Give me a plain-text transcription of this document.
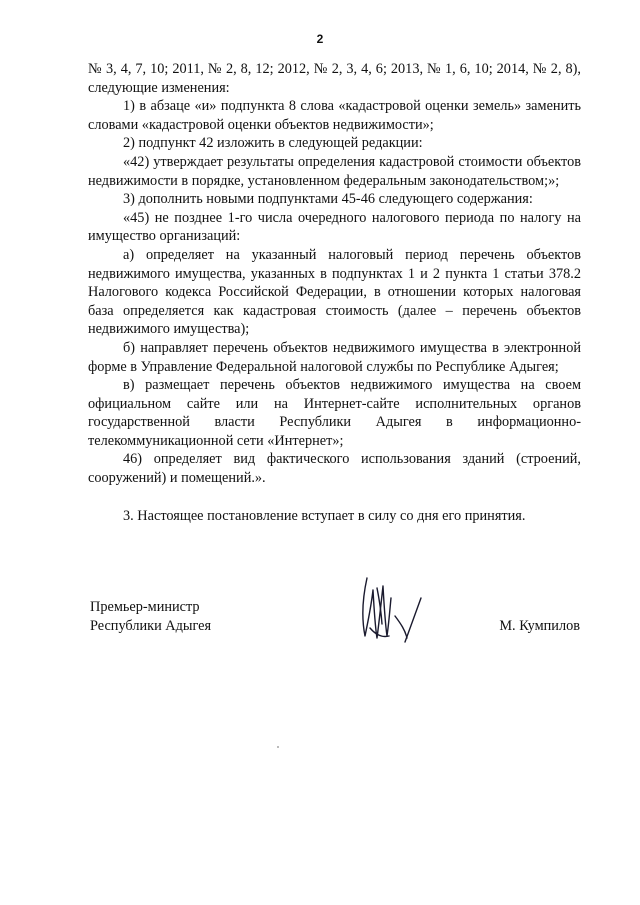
2

№ 3, 4, 7, 10; 2011, № 2, 8, 12; 2012, № 2, 3, 4, 6; 2013, № 1, 6, 10; 2014, № 2, 8), следующие изменения:

1) в абзаце «и» подпункта 8 слова «кадастровой оценки земель» заменить словами «кадастровой оценки объектов недвижимости»;

2) подпункт 42 изложить в следующей редакции:

«42) утверждает результаты определения кадастровой стоимости объектов недвижимости в порядке, установленном федеральным законодательством;»;

3) дополнить новыми подпунктами 45-46 следующего содержания:

«45) не позднее 1-го числа очередного налогового периода по налогу на имущество организаций:

а) определяет на указанный налоговый период перечень объектов недвижимого имущества, указанных в подпунктах 1 и 2 пункта 1 статьи 378.2 Налогового кодекса Российской Федерации, в отношении которых налоговая база определяется как кадастровая стоимость (далее – перечень объектов недвижимого имущества);

б) направляет перечень объектов недвижимого имущества в электронной форме в Управление Федеральной налоговой службы по Республике Адыгея;

в) размещает перечень объектов недвижимого имущества на своем официальном сайте или на Интернет-сайте исполнительных органов государственной власти Республики Адыгея в информационно-телекоммуникационной сети «Интернет»;

46) определяет вид фактического использования зданий (строений, сооружений) и помещений.».

3. Настоящее постановление вступает в силу со дня его принятия.

Премьер-министр
Республики Адыгея	М. Кумпилов
